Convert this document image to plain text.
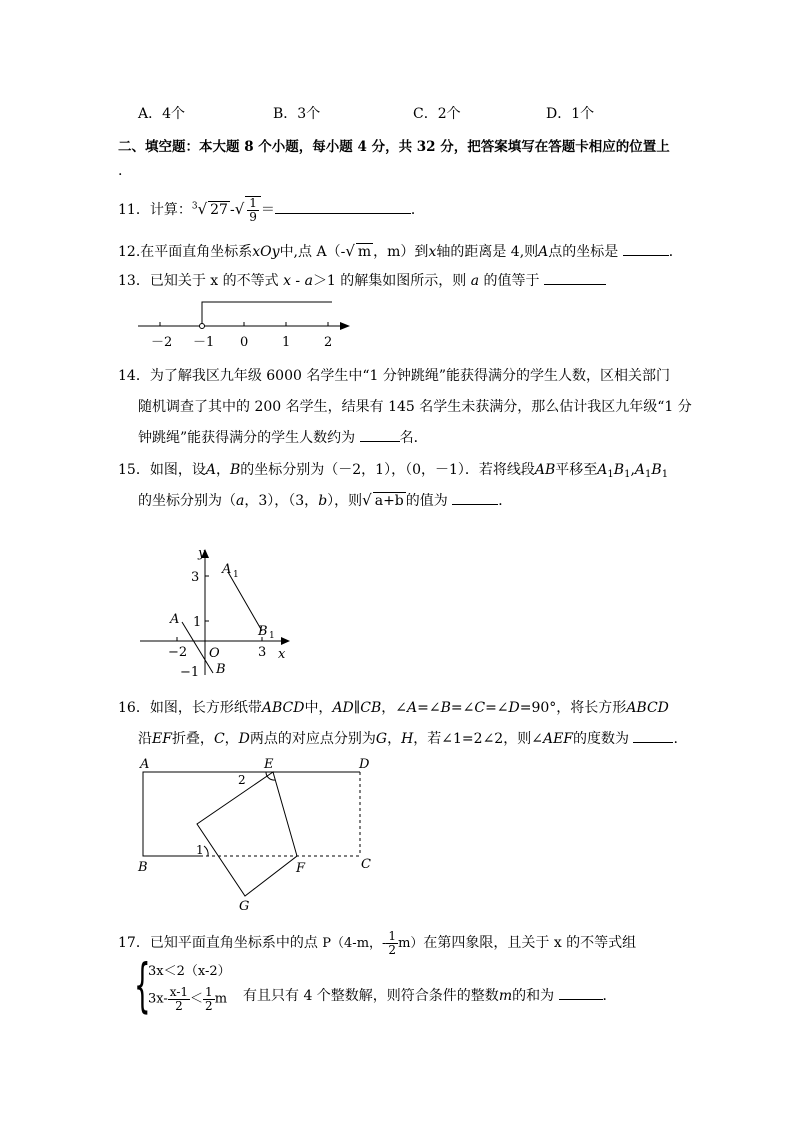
A．4个	B．3个	C．2个	D．1个
二、填空题：本大题 8 个小题，每小题 4 分，共 32 分，把答案填写在答题卡相应的位置上
.
11．计算：$^3$√ 27 -√ $\frac{1}{9}$ ＝	．
12.在平面直角坐标系xOy中,点 A（-√ m ，m）到x轴的距离是 4,则A点的坐标是	．
13．已知关于 x 的不等式 x - a＞1 的解集如图所示，则 a 的值等于
－2 －1 0	1	2
14．为了解我区九年级 6000 名学生中“1 分钟跳绳”能获得满分的学生人数，区相关部门
随机调查了其中的 200 名学生，结果有 145 名学生未获满分，那么估计我区九年级“1 分
钟跳绳”能获得满分的学生人数约为	名．
15．如图，设A，B的坐标分别为（－2，1），（0，－1）．若将线段AB平移至$A_1B_1,A_1B_1$
的坐标分别为（a，3），（3，b），则√ a+b 的值为	．
y
x
O
A 1
B 1
A
B
3
1
−1
−2	3
16．如图，长方形纸带ABCD中，AD∥CB，∠A=∠B=∠C=∠D=90°，将长方形ABCD
沿EF折叠，C，D两点的对应点分别为G，H，若∠1=2∠2，则∠AEF的度数为	.
A
B	C
D
E
F
G
1
2
17．已知平面直角坐标系中的点 P（4-m，- $\frac{1}{2} m$）在第四象限，且关于 x 的不等式组
{
3x＜2（x-2）
$3x- \frac{x-1}{2} < \frac{1}{2}$ m 有且只有 4 个整数解，则符合条件的整数m的和为	．
